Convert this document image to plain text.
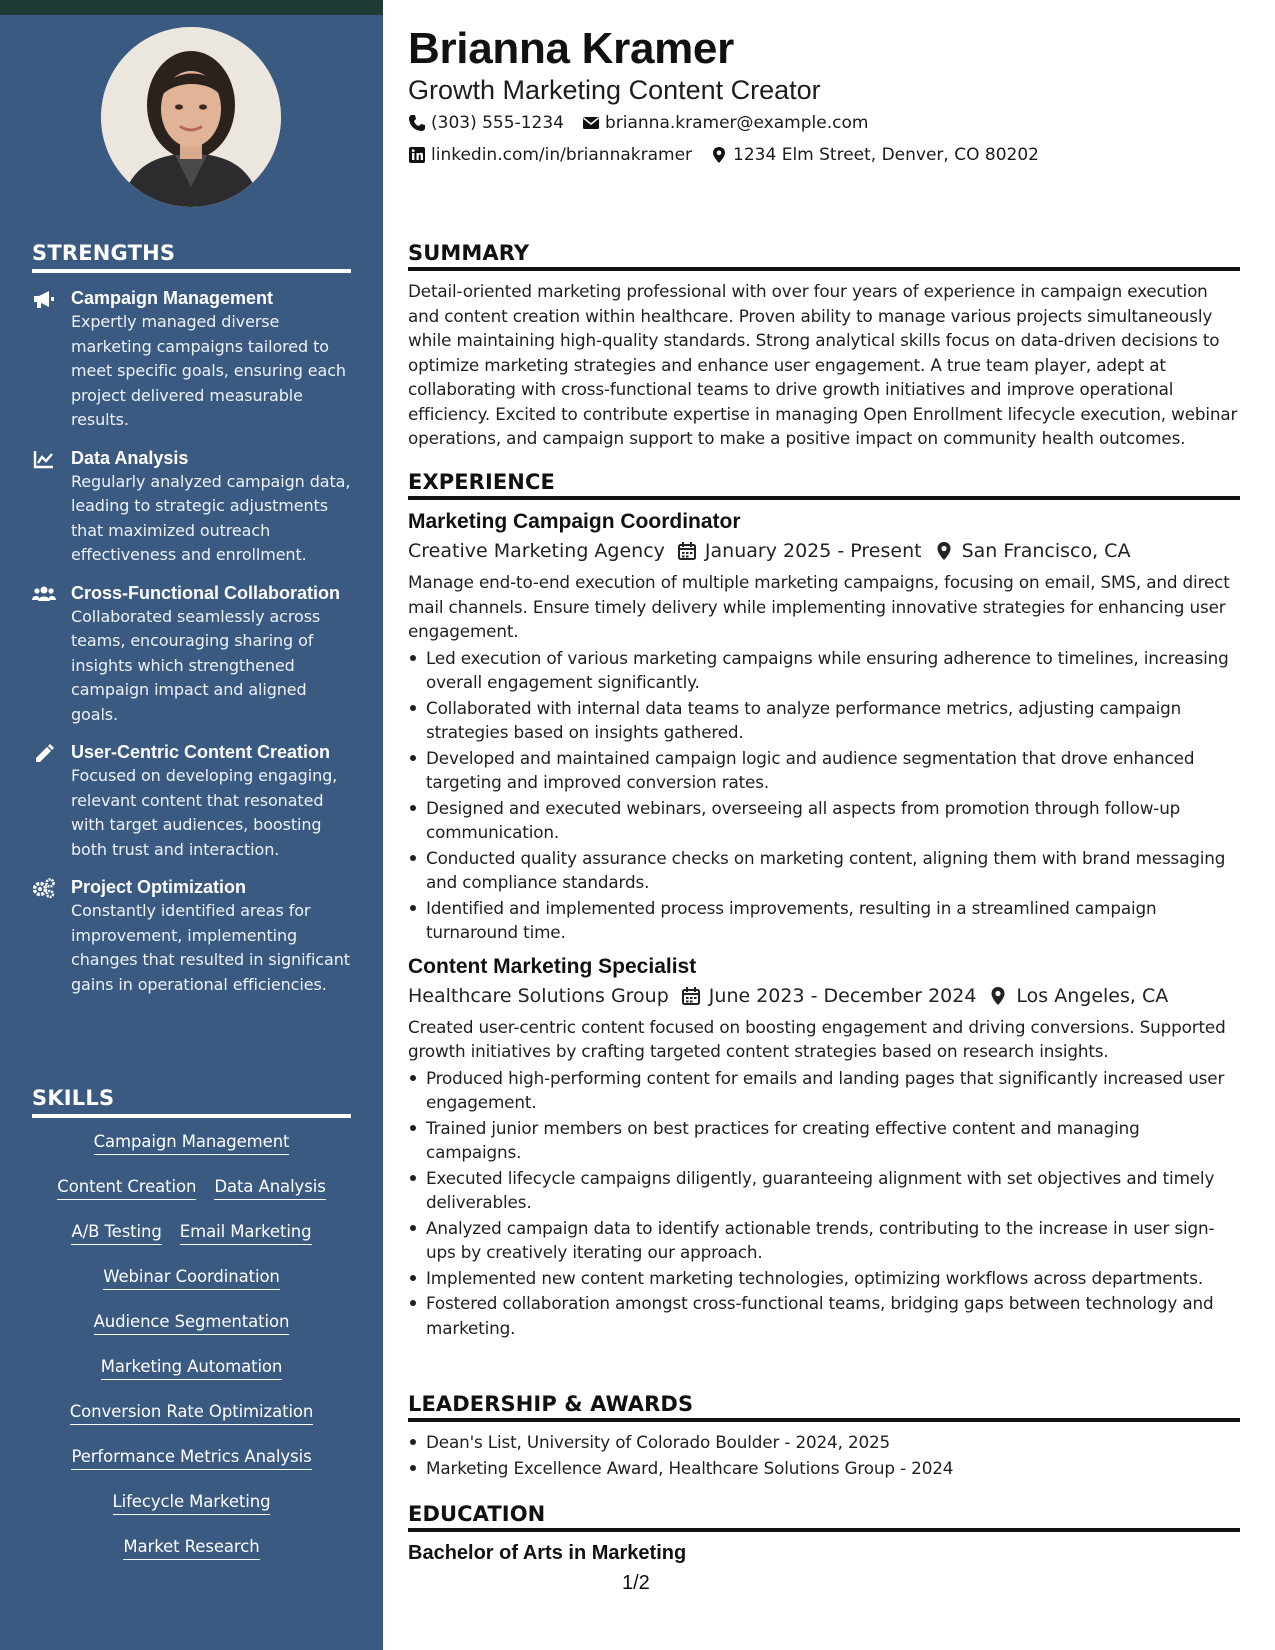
STRENGTHS
Campaign Management
Expertly managed diverse marketing campaigns tailored to meet specific goals, ensuring each project delivered measurable results.
Data Analysis
Regularly analyzed campaign data, leading to strategic adjustments that maximized outreach effectiveness and enrollment.
Cross-Functional Collaboration
Collaborated seamlessly across teams, encouraging sharing of insights which strengthened campaign impact and aligned goals.
User-Centric Content Creation
Focused on developing engaging, relevant content that resonated with target audiences, boosting both trust and interaction.
Project Optimization
Constantly identified areas for improvement, implementing changes that resulted in significant gains in operational efficiencies.
SKILLS
Campaign Management
Content Creation Data Analysis
A/B Testing Email Marketing
Webinar Coordination
Audience Segmentation
Marketing Automation
Conversion Rate Optimization
Performance Metrics Analysis
Lifecycle Marketing
Market Research
Brianna Kramer
Growth Marketing Content Creator
(303) 555-1234 brianna.kramer@example.com
linkedin.com/in/briannakramer 1234 Elm Street, Denver, CO 80202
SUMMARY
Detail-oriented marketing professional with over four years of experience in campaign execution and content creation within healthcare. Proven ability to manage various projects simultaneously while maintaining high-quality standards. Strong analytical skills focus on data-driven decisions to optimize marketing strategies and enhance user engagement. A true team player, adept at collaborating with cross-functional teams to drive growth initiatives and improve operational efficiency. Excited to contribute expertise in managing Open Enrollment lifecycle execution, webinar operations, and campaign support to make a positive impact on community health outcomes.
EXPERIENCE
Marketing Campaign Coordinator
Creative Marketing Agency January 2025 - Present San Francisco, CA
Manage end-to-end execution of multiple marketing campaigns, focusing on email, SMS, and direct mail channels. Ensure timely delivery while implementing innovative strategies for enhancing user engagement.
Led execution of various marketing campaigns while ensuring adherence to timelines, increasing overall engagement significantly.
Collaborated with internal data teams to analyze performance metrics, adjusting campaign strategies based on insights gathered.
Developed and maintained campaign logic and audience segmentation that drove enhanced targeting and improved conversion rates.
Designed and executed webinars, overseeing all aspects from promotion through follow-up communication.
Conducted quality assurance checks on marketing content, aligning them with brand messaging and compliance standards.
Identified and implemented process improvements, resulting in a streamlined campaign turnaround time.
Content Marketing Specialist
Healthcare Solutions Group June 2023 - December 2024 Los Angeles, CA
Created user-centric content focused on boosting engagement and driving conversions. Supported growth initiatives by crafting targeted content strategies based on research insights.
Produced high-performing content for emails and landing pages that significantly increased user engagement.
Trained junior members on best practices for creating effective content and managing campaigns.
Executed lifecycle campaigns diligently, guaranteeing alignment with set objectives and timely deliverables.
Analyzed campaign data to identify actionable trends, contributing to the increase in user sign-ups by creatively iterating our approach.
Implemented new content marketing technologies, optimizing workflows across departments.
Fostered collaboration amongst cross-functional teams, bridging gaps between technology and marketing.
LEADERSHIP & AWARDS
Dean's List, University of Colorado Boulder - 2024, 2025
Marketing Excellence Award, Healthcare Solutions Group - 2024
EDUCATION
Bachelor of Arts in Marketing
1/2
